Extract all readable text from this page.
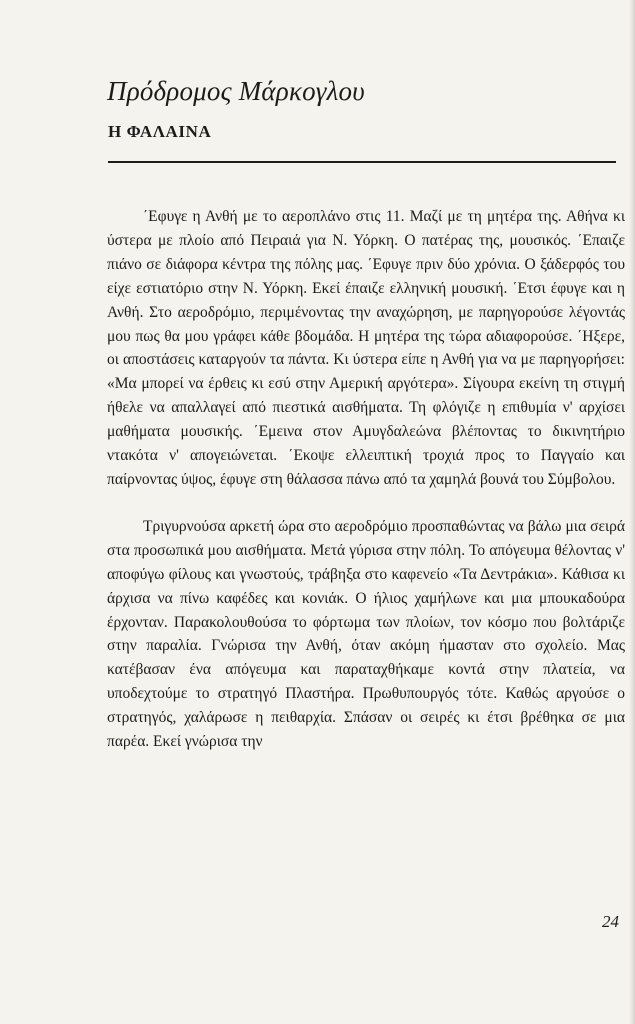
Πρόδρομος Μάρκογλου
Η ΦΑΛΑΙΝΑ

΄Εφυγε η Ανθή με το αεροπλάνο στις 11. Μαζί με τη μητέρα της. Αθήνα κι ύστερα με πλοίο από Πειραιά για Ν. Υόρκη. Ο πατέρας της, μουσικός. ΄Επαιζε πιάνο σε διάφορα κέντρα της πόλης μας. ΄Εφυγε πριν δύο χρόνια. Ο ξάδερφός του είχε εστιατόριο στην Ν. Υόρκη. Εκεί έπαιζε ελληνική μουσική. ΄Ετσι έφυγε και η Ανθή. Στο αεροδρόμιο, περιμένοντας την αναχώρηση, με παρηγορούσε λέγοντάς μου πως θα μου γράφει κάθε βδομάδα. Η μητέρα της τώρα αδιαφορούσε. ΄Ηξερε, οι αποστάσεις καταργούν τα πάντα. Κι ύστερα είπε η Ανθή για να με παρηγορήσει: «Μα μπορεί να έρθεις κι εσύ στην Αμερική αργότερα». Σίγουρα εκείνη τη στιγμή ήθελε να απαλλαγεί από πιεστικά αισθήματα. Τη φλόγιζε η επιθυμία ν' αρχίσει μαθήματα μουσικής. ΄Εμεινα στον Αμυγδαλεώνα βλέποντας το δικινητήριο ντακότα ν' απογειώνεται. ΄Εκοψε ελλειπτική τροχιά προς το Παγγαίο και παίρνοντας ύψος, έφυγε στη θάλασσα πάνω από τα χαμηλά βουνά του Σύμβολου.

Τριγυρνούσα αρκετή ώρα στο αεροδρόμιο προσπαθώντας να βάλω μια σειρά στα προσωπικά μου αισθήματα. Μετά γύρισα στην πόλη. Το απόγευμα θέλοντας ν' αποφύγω φίλους και γνωστούς, τράβηξα στο καφενείο «Τα Δεντράκια». Κάθισα κι άρχισα να πίνω καφέδες και κονιάκ. Ο ήλιος χαμήλωνε και μια μπουκαδούρα έρχονταν. Παρακολουθούσα το φόρτωμα των πλοίων, τον κόσμο που βολτάριζε στην παραλία. Γνώρισα την Ανθή, όταν ακόμη ήμασταν στο σχολείο. Μας κατέβασαν ένα απόγευμα και παραταχθήκαμε κοντά στην πλατεία, να υποδεχτούμε το στρατηγό Πλαστήρα. Πρωθυπουργός τότε. Καθώς αργούσε ο στρατηγός, χαλάρωσε η πειθαρχία. Σπάσαν οι σειρές κι έτσι βρέθηκα σε μια παρέα. Εκεί γνώρισα την

24
